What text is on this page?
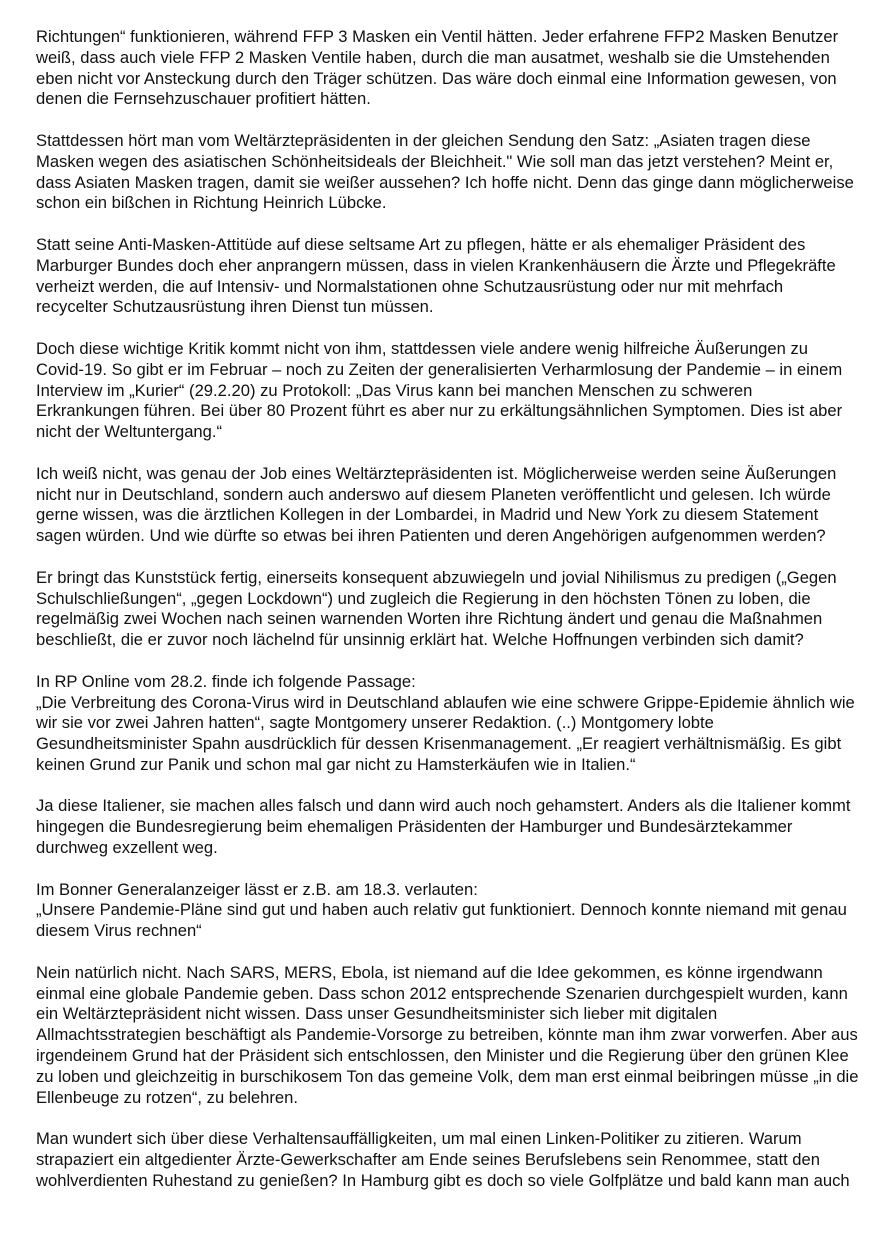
Richtungen“ funktionieren, während FFP 3 Masken ein Ventil hätten. Jeder erfahrene FFP2 Masken Benutzer
weiß, dass auch viele FFP 2 Masken Ventile haben, durch die man ausatmet, weshalb sie die Umstehenden
eben nicht vor Ansteckung durch den Träger schützen. Das wäre doch einmal eine Information gewesen, von
denen die Fernsehzuschauer profitiert hätten.
Stattdessen hört man vom Weltärztepräsidenten in der gleichen Sendung den Satz: „Asiaten tragen diese
Masken wegen des asiatischen Schönheitsideals der Bleichheit." Wie soll man das jetzt verstehen? Meint er,
dass Asiaten Masken tragen, damit sie weißer aussehen? Ich hoffe nicht. Denn das ginge dann möglicherweise
schon ein bißchen in Richtung Heinrich Lübcke.
Statt seine Anti-Masken-Attitüde auf diese seltsame Art zu pflegen, hätte er als ehemaliger Präsident des
Marburger Bundes doch eher anprangern müssen, dass in vielen Krankenhäusern die Ärzte und Pflegekräfte
verheizt werden, die auf Intensiv- und Normalstationen ohne Schutzausrüstung oder nur mit mehrfach
recycelter Schutzausrüstung ihren Dienst tun müssen.
Doch diese wichtige Kritik kommt nicht von ihm, stattdessen viele andere wenig hilfreiche Äußerungen zu
Covid-19. So gibt er im Februar – noch zu Zeiten der generalisierten Verharmlosung der Pandemie – in einem
Interview im „Kurier“ (29.2.20) zu Protokoll: „Das Virus kann bei manchen Menschen zu schweren
Erkrankungen führen. Bei über 80 Prozent führt es aber nur zu erkältungsähnlichen Symptomen. Dies ist aber
nicht der Weltuntergang.“
Ich weiß nicht, was genau der Job eines Weltärztepräsidenten ist. Möglicherweise werden seine Äußerungen
nicht nur in Deutschland, sondern auch anderswo auf diesem Planeten veröffentlicht und gelesen. Ich würde
gerne wissen, was die ärztlichen Kollegen in der Lombardei, in Madrid und New York zu diesem Statement
sagen würden. Und wie dürfte so etwas bei ihren Patienten und deren Angehörigen aufgenommen werden?
Er bringt das Kunststück fertig, einerseits konsequent abzuwiegeln und jovial Nihilismus zu predigen („Gegen
Schulschließungen“, „gegen Lockdown“) und zugleich die Regierung in den höchsten Tönen zu loben, die
regelmäßig zwei Wochen nach seinen warnenden Worten ihre Richtung ändert und genau die Maßnahmen
beschließt, die er zuvor noch lächelnd für unsinnig erklärt hat. Welche Hoffnungen verbinden sich damit?
In RP Online vom 28.2. finde ich folgende Passage:
„Die Verbreitung des Corona-Virus wird in Deutschland ablaufen wie eine schwere Grippe-Epidemie ähnlich wie
wir sie vor zwei Jahren hatten“, sagte Montgomery unserer Redaktion. (..) Montgomery lobte
Gesundheitsminister Spahn ausdrücklich für dessen Krisenmanagement. „Er reagiert verhältnismäßig. Es gibt
keinen Grund zur Panik und schon mal gar nicht zu Hamsterkäufen wie in Italien.“
Ja diese Italiener, sie machen alles falsch und dann wird auch noch gehamstert. Anders als die Italiener kommt
hingegen die Bundesregierung beim ehemaligen Präsidenten der Hamburger und Bundesärztekammer
durchweg exzellent weg.
Im Bonner Generalanzeiger lässt er z.B. am 18.3. verlauten:
„Unsere Pandemie-Pläne sind gut und haben auch relativ gut funktioniert. Dennoch konnte niemand mit genau
diesem Virus rechnen“
Nein natürlich nicht. Nach SARS, MERS, Ebola, ist niemand auf die Idee gekommen, es könne irgendwann
einmal eine globale Pandemie geben. Dass schon 2012 entsprechende Szenarien durchgespielt wurden, kann
ein Weltärztepräsident nicht wissen. Dass unser Gesundheitsminister sich lieber mit digitalen
Allmachtsstrategien beschäftigt als Pandemie-Vorsorge zu betreiben, könnte man ihm zwar vorwerfen. Aber aus
irgendeinem Grund hat der Präsident sich entschlossen, den Minister und die Regierung über den grünen Klee
zu loben und gleichzeitig in burschikosem Ton das gemeine Volk, dem man erst einmal beibringen müsse „in die
Ellenbeuge zu rotzen“, zu belehren.
Man wundert sich über diese Verhaltensauffälligkeiten, um mal einen Linken-Politiker zu zitieren. Warum
strapaziert ein altgedienter Ärzte-Gewerkschafter am Ende seines Berufslebens sein Renommee, statt den
wohlverdienten Ruhestand zu genießen? In Hamburg gibt es doch so viele Golfplätze und bald kann man auch
